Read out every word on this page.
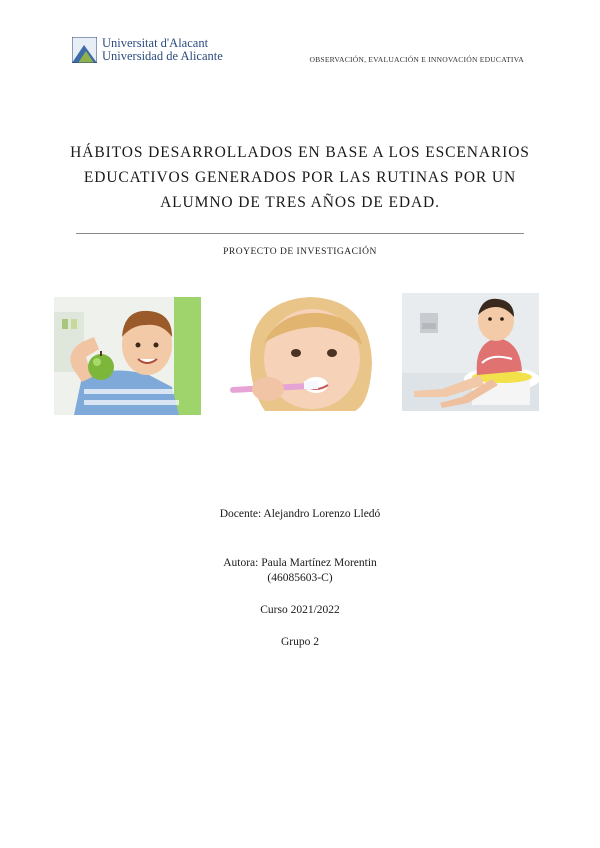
Universitat d'Alacant
Universidad de Alicante	OBSERVACIÓN, EVALUACIÓN E INNOVACIÓN EDUCATIVA
HÁBITOS DESARROLLADOS EN BASE A LOS ESCENARIOS
EDUCATIVOS GENERADOS POR LAS RUTINAS POR UN
ALUMNO DE TRES AÑOS DE EDAD.
PROYECTO DE INVESTIGACIÓN
Docente: Alejandro Lorenzo Lledó
Autora: Paula Martínez Morentin
(46085603-C)
Curso 2021/2022
Grupo 2
